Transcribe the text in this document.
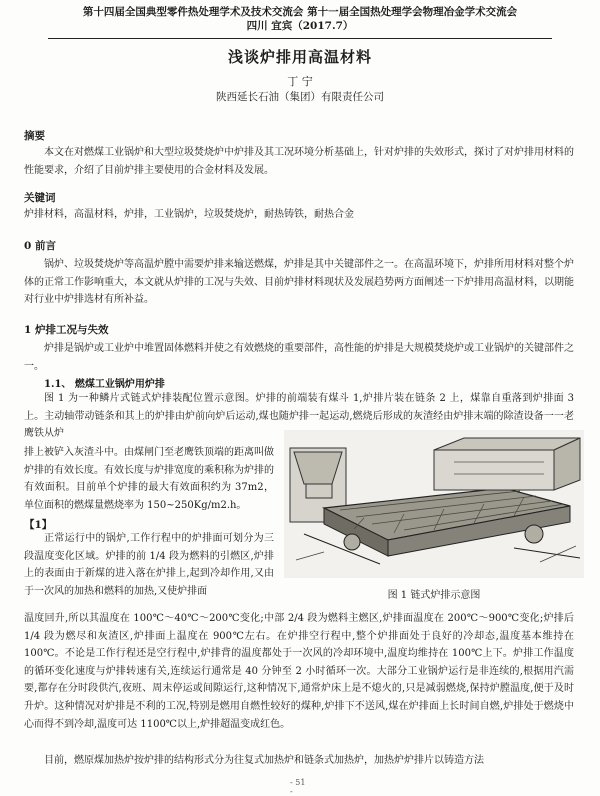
第十四届全国典型零件热处理学术及技术交流会 第十一届全国热处理学会物理冶金学术交流会
四川 宜宾（2017.7）
浅谈炉排用高温材料
丁 宁
陕西延长石油（集团）有限责任公司
摘要
本文在对燃煤工业锅炉和大型垃圾焚烧炉中炉排及其工况环境分析基础上，针对炉排的失效形式，探讨了对炉排用材料的性能要求，介绍了目前炉排主要使用的合金材料及发展。
关键词
炉排材料，高温材料，炉排，工业锅炉，垃圾焚烧炉，耐热铸铁，耐热合金
0 前言
锅炉、垃圾焚烧炉等高温炉膛中需要炉排来输送燃煤，炉排是其中关键部件之一。在高温环境下，炉排所用材料对整个炉体的正常工作影响重大，本文就从炉排的工况与失效、目前炉排材料现状及发展趋势两方面阐述一下炉排用高温材料，以期能对行业中炉排选材有所补益。
1 炉排工况与失效
炉排是锅炉或工业炉中堆置固体燃料并使之有效燃烧的重要部件，高性能的炉排是大规模焚烧炉或工业锅炉的关键部件之一。
1.1、 燃煤工业锅炉用炉排
图 1 为一种鳞片式链式炉排装配位置示意图。炉排的前端装有煤斗 1,炉排片装在链条 2 上，煤靠自重落到炉排面 3 上。主动轴带动链条和其上的炉排由炉前向炉后运动,煤也随炉排一起运动,燃烧后形成的灰渣经由炉排末端的除渣设备一一老鹰铁从炉
排上被铲入灰渣斗中。由煤闸门至老鹰铁顶端的距离叫做炉排的有效长度。有效长度与炉排宽度的乘积称为炉排的有效面积。目前单个炉排的最大有效面积约为 37m2，单位面积的燃煤量燃烧率为 150~250Kg/m2.h。
【1】
正常运行中的锅炉,工作行程中的炉排面可划分为三段温度变化区域。炉排的前 1/4 段为燃料的引燃区,炉排上的表面由于新煤的进入落在炉排上,起到冷却作用,又由于一次风的加热和燃料的加热,又使炉排面	图 1 链式炉排示意图
温度回升,所以其温度在 100℃～40℃～200℃变化;中部 2/4 段为燃料主燃区,炉排面温度在 200℃～900℃变化;炉排后 1/4 段为燃尽和灰渣区,炉排面上温度在 900℃左右。在炉排空行程中,整个炉排面处于良好的冷却态,温度基本维持在 100℃。不论是工作行程还是空行程中,炉排背的温度都处于一次风的冷却环境中,温度均维持在 100℃上下。炉排工作温度的循环变化速度与炉排转速有关,连续运行通常是 40 分钟至 2 小时循环一次。大部分工业锅炉运行是非连续的,根据用汽需要,都存在分时段供汽,夜班、周末停运或间隙运行,这种情况下,通常炉床上是不熄火的,只是减弱燃烧,保持炉膛温度,便于及时升炉。这种情况对炉排是不利的工况,特别是燃用自燃性较好的煤种,炉排下不送风,煤在炉排面上长时间自燃,炉排处于燃烧中心而得不到冷却,温度可达 1100℃以上,炉排超温变成红色。
目前，燃原煤加热炉按炉排的结构形式分为往复式加热炉和链条式加热炉，加热炉炉排片以铸造方法
- 51 -
